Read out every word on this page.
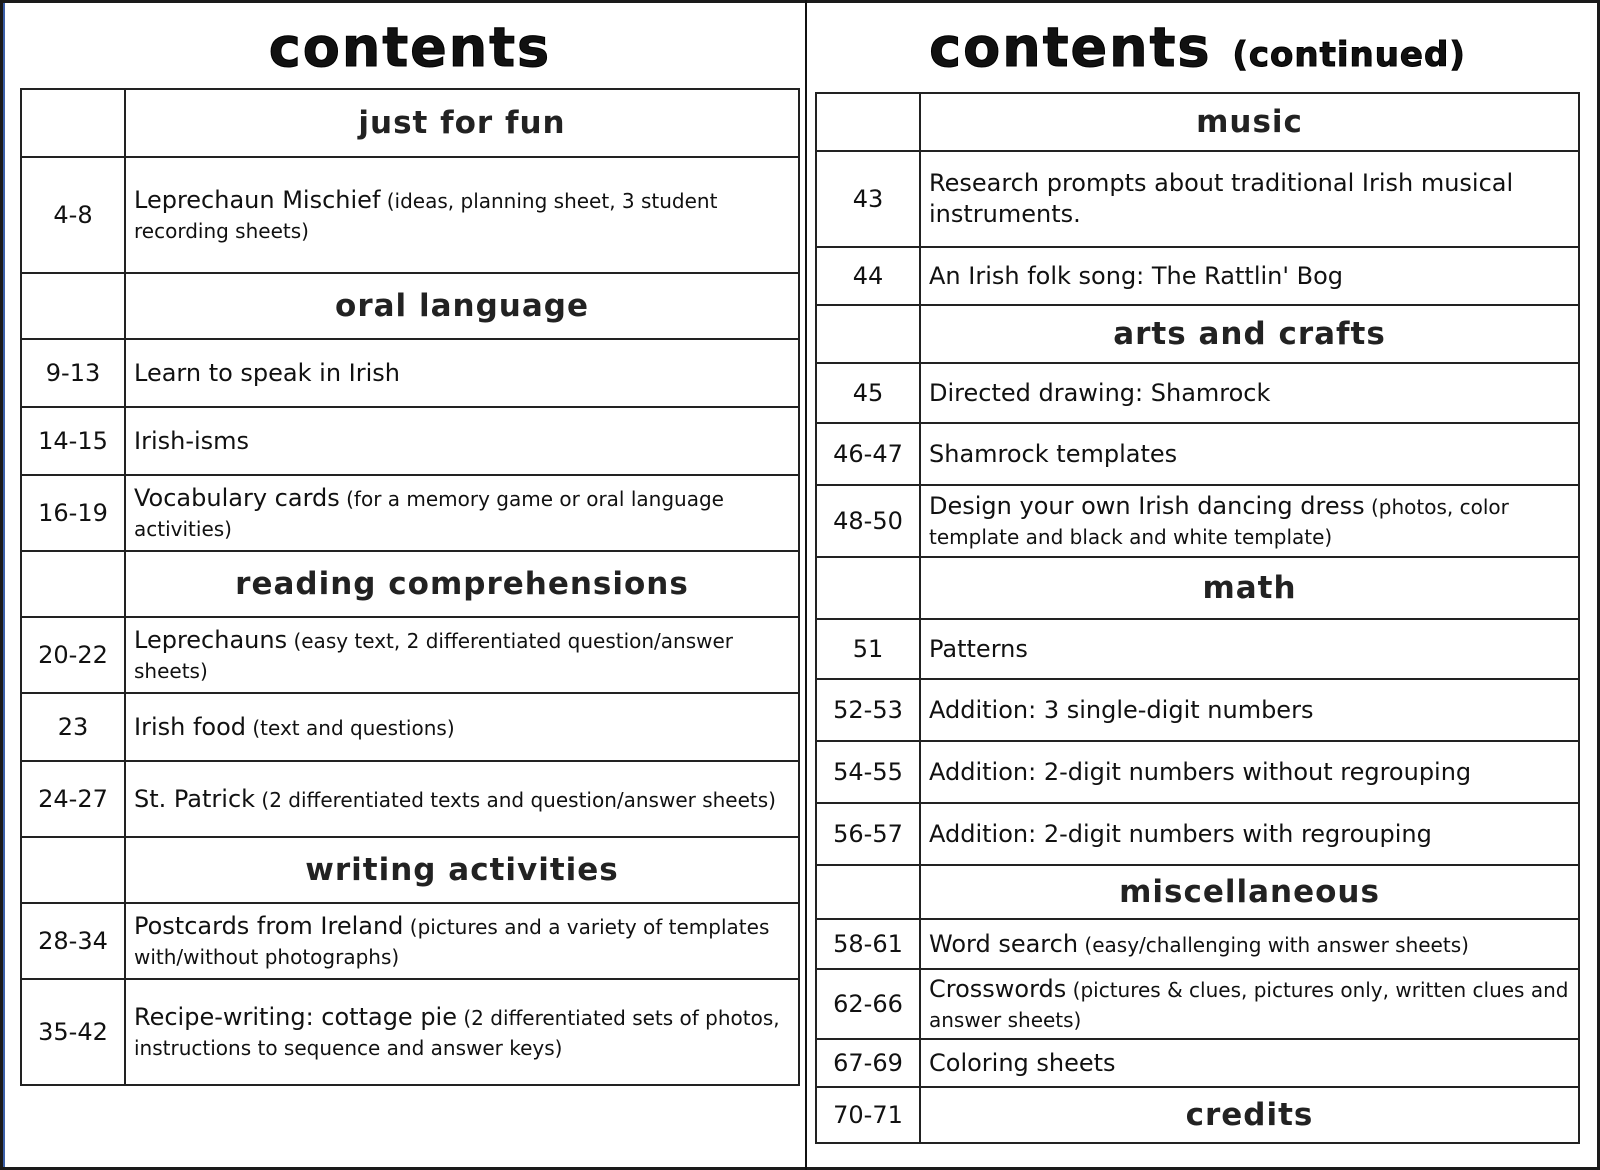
contents
	just for fun
4-8	Leprechaun Mischief (ideas, planning sheet, 3 student recording sheets)
	oral language
9-13	Learn to speak in Irish
14-15	Irish-isms
16-19	Vocabulary cards (for a memory game or oral language activities)
	reading comprehensions
20-22	Leprechauns (easy text, 2 differentiated question/answer sheets)
23	Irish food (text and questions)
24-27	St. Patrick (2 differentiated texts and question/answer sheets)
	writing activities
28-34	Postcards from Ireland (pictures and a variety of templates with/without photographs)
35-42	Recipe-writing: cottage pie (2 differentiated sets of photos, instructions to sequence and answer keys)
contents (continued)
	music
43	Research prompts about traditional Irish musical instruments.
44	An Irish folk song: The Rattlin' Bog
	arts and crafts
45	Directed drawing: Shamrock
46-47	Shamrock templates
48-50	Design your own Irish dancing dress (photos, color template and black and white template)
	math
51	Patterns
52-53	Addition: 3 single-digit numbers
54-55	Addition: 2-digit numbers without regrouping
56-57	Addition: 2-digit numbers with regrouping
	miscellaneous
58-61	Word search (easy/challenging with answer sheets)
62-66	Crosswords (pictures & clues, pictures only, written clues and answer sheets)
67-69	Coloring sheets
70-71	credits
